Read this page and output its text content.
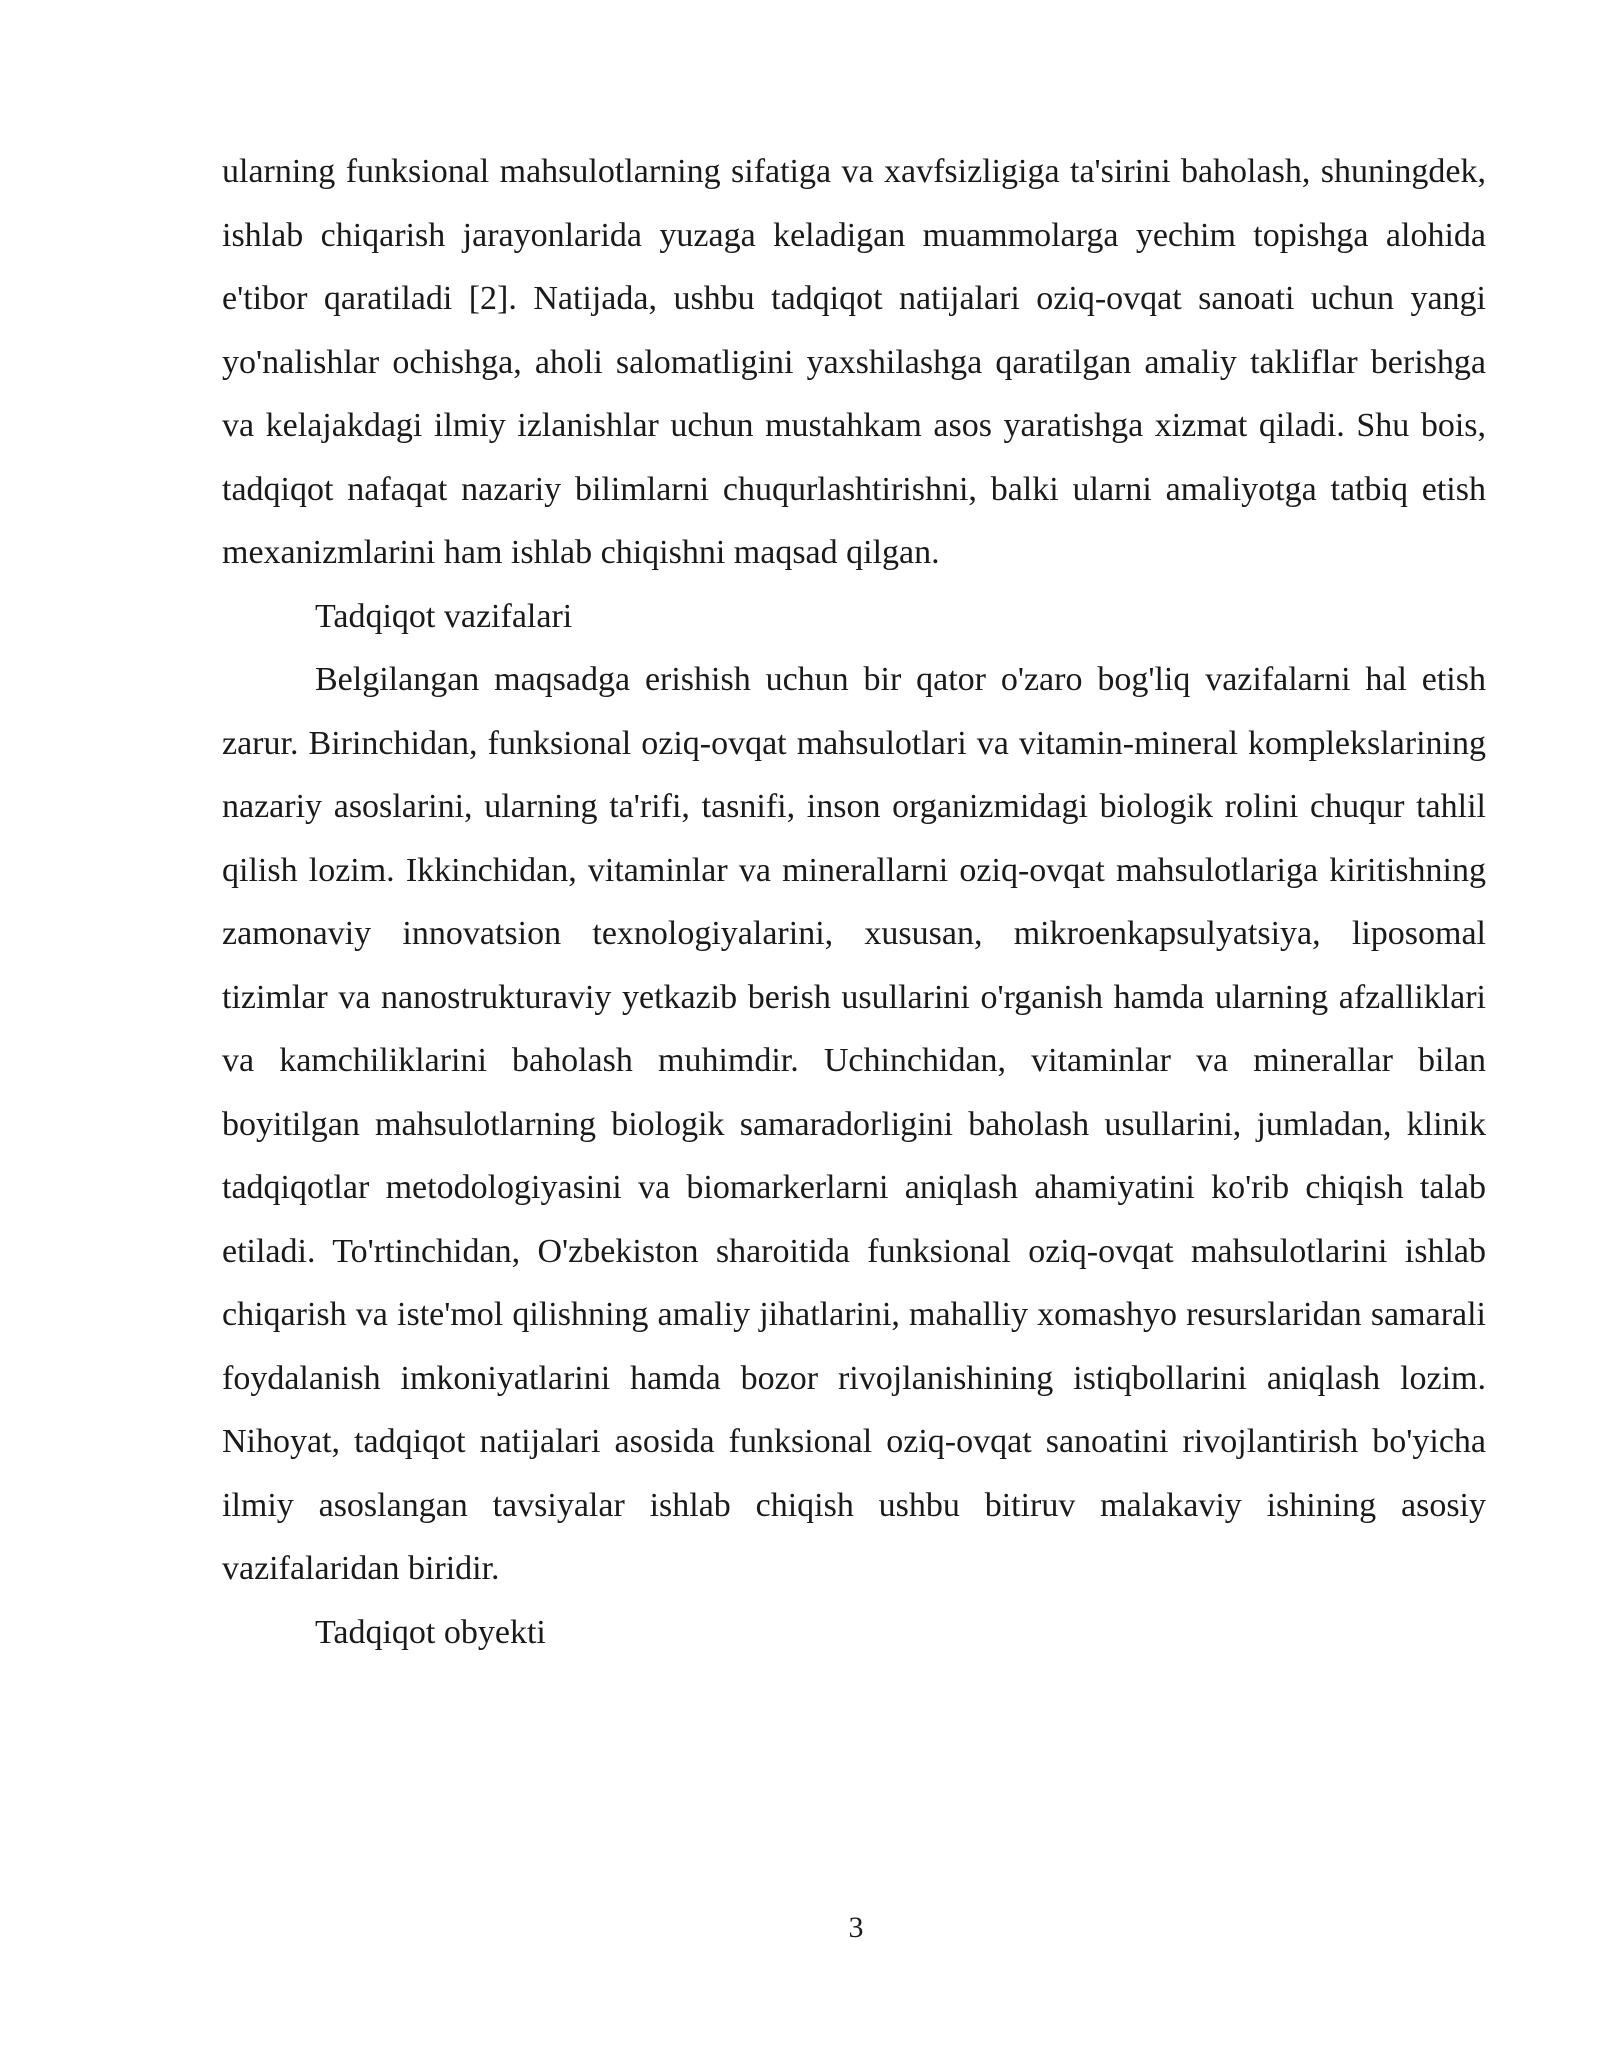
ularning funksional mahsulotlarning sifatiga va xavfsizligiga ta'sirini baholash, shuningdek, ishlab chiqarish jarayonlarida yuzaga keladigan muammolarga yechim topishga alohida e'tibor qaratiladi [2]. Natijada, ushbu tadqiqot natijalari oziq-ovqat sanoati uchun yangi yo'nalishlar ochishga, aholi salomatligini yaxshilashga qaratilgan amaliy takliflar berishga va kelajakdagi ilmiy izlanishlar uchun mustahkam asos yaratishga xizmat qiladi. Shu bois, tadqiqot nafaqat nazariy bilimlarni chuqurlashtirishni, balki ularni amaliyotga tatbiq etish mexanizmlarini ham ishlab chiqishni maqsad qilgan.

Tadqiqot vazifalari

Belgilangan maqsadga erishish uchun bir qator o'zaro bog'liq vazifalarni hal etish zarur. Birinchidan, funksional oziq-ovqat mahsulotlari va vitamin-mineral komplekslarining nazariy asoslarini, ularning ta'rifi, tasnifi, inson organizmidagi biologik rolini chuqur tahlil qilish lozim. Ikkinchidan, vitaminlar va minerallarni oziq-ovqat mahsulotlariga kiritishning zamonaviy innovatsion texnologiyalarini, xususan, mikroenkapsulyatsiya, liposomal tizimlar va nanostrukturaviy yetkazib berish usullarini o'rganish hamda ularning afzalliklari va kamchiliklarini baholash muhimdir. Uchinchidan, vitaminlar va minerallar bilan boyitilgan mahsulotlarning biologik samaradorligini baholash usullarini, jumladan, klinik tadqiqotlar metodologiyasini va biomarkerlarni aniqlash ahamiyatini ko'rib chiqish talab etiladi. To'rtinchidan, O'zbekiston sharoitida funksional oziq-ovqat mahsulotlarini ishlab chiqarish va iste'mol qilishning amaliy jihatlarini, mahalliy xomashyo resurslaridan samarali foydalanish imkoniyatlarini hamda bozor rivojlanishining istiqbollarini aniqlash lozim. Nihoyat, tadqiqot natijalari asosida funksional oziq-ovqat sanoatini rivojlantirish bo'yicha ilmiy asoslangan tavsiyalar ishlab chiqish ushbu bitiruv malakaviy ishining asosiy vazifalaridan biridir.

Tadqiqot obyekti

3
